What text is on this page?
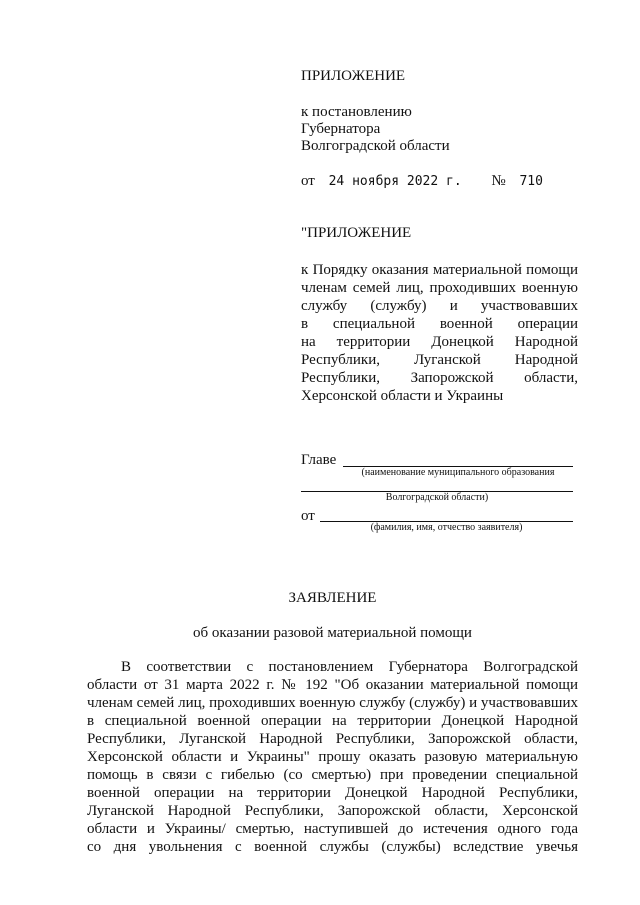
ПРИЛОЖЕНИЕ
к постановлению
Губернатора
Волгоградской области
от 24 ноября 2022 г. № 710
"ПРИЛОЖЕНИЕ
к Порядку оказания материальной помощи
членам семей лиц, проходивших военную
службу (службу) и участвовавших
в специальной военной операции
на территории Донецкой Народной
Республики, Луганской Народной
Республики, Запорожской области,
Херсонской области и Украины
Главе
(наименование муниципального образования
Волгоградской области)
от
(фамилия, имя, отчество заявителя)
ЗАЯВЛЕНИЕ
об оказании разовой материальной помощи
В соответствии с постановлением Губернатора Волгоградской
области от 31 марта 2022 г. № 192 "Об оказании материальной помощи
членам семей лиц, проходивших военную службу (службу) и участвовавших
в специальной военной операции на территории Донецкой Народной
Республики, Луганской Народной Республики, Запорожской области,
Херсонской области и Украины" прошу оказать разовую материальную
помощь в связи с гибелью (со смертью) при проведении специальной
военной операции на территории Донецкой Народной Республики,
Луганской Народной Республики, Запорожской области, Херсонской
области и Украины/ смертью, наступившей до истечения одного года
со дня увольнения с военной службы (службы) вследствие увечья
